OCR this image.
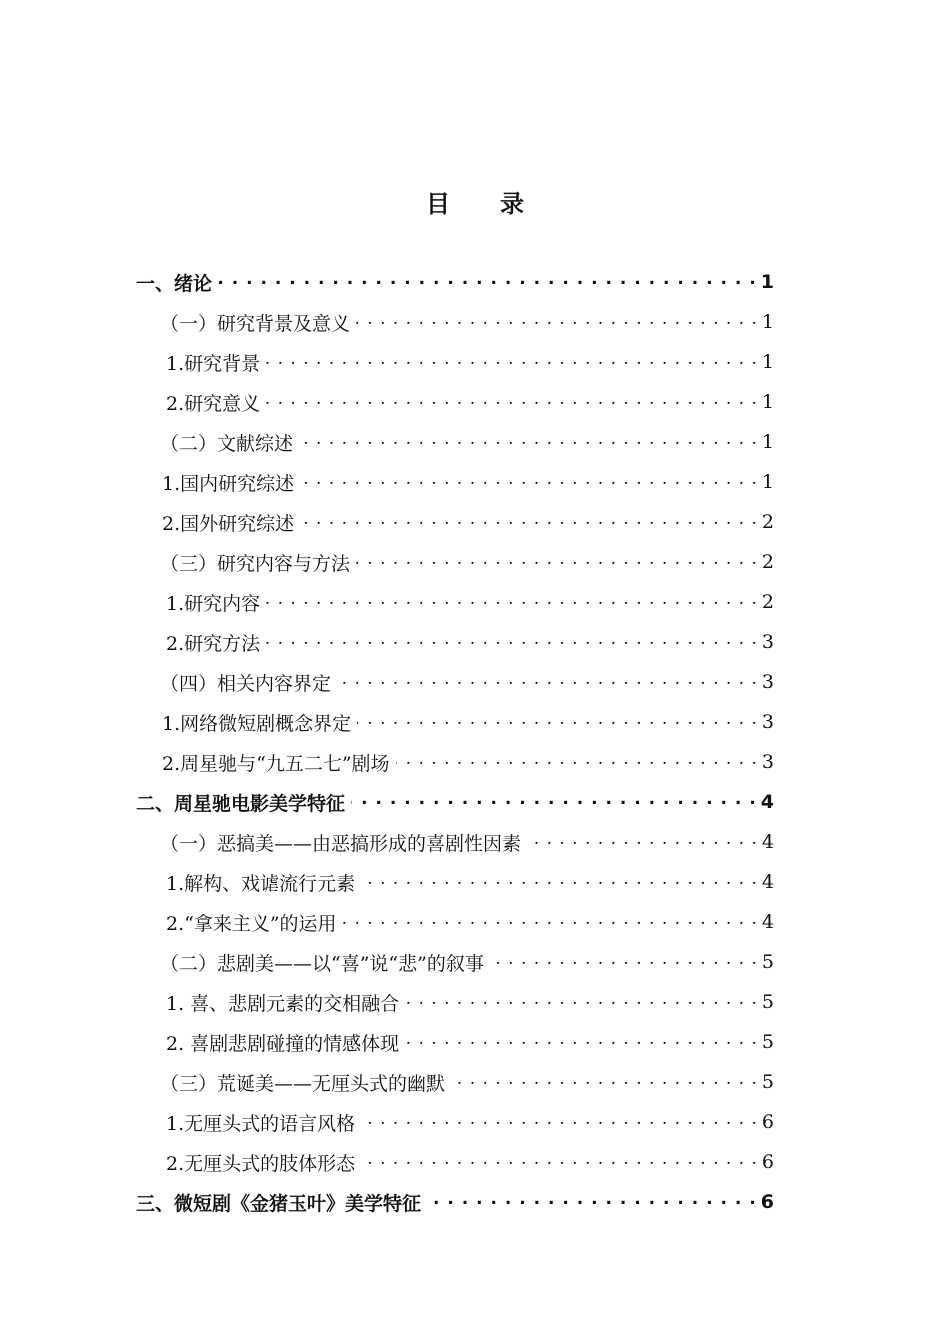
目 录
一、绪论 . . .	1
（一）研究背景及意义 . . .	1
1.研究背景 . . .	1
2.研究意义 . . .	1
（二）文献综述 . . .	1
1.国内研究综述 . . .	1
2.国外研究综述 . . .	2
（三）研究内容与方法 . . .	2
1.研究内容 . . .	2
2.研究方法 . . .	3
（四）相关内容界定 . . .	3
1.网络微短剧概念界定 . . .	3
2.周星驰与“九五二七”剧场 . . .	3
二、周星驰电影美学特征 . . .	4
（一）恶搞美——由恶搞形成的喜剧性因素 . . .	4
1.解构、戏谑流行元素 . . .	4
2.“拿来主义”的运用 . . .	4
（二）悲剧美——以“喜”说“悲”的叙事 . . .	5
1. 喜、悲剧元素的交相融合 . . .	5
2. 喜剧悲剧碰撞的情感体现 . . .	5
（三）荒诞美——无厘头式的幽默 . . .	5
1.无厘头式的语言风格 . . .	6
2.无厘头式的肢体形态 . . .	6
三、微短剧《金猪玉叶》美学特征 . . .	6
